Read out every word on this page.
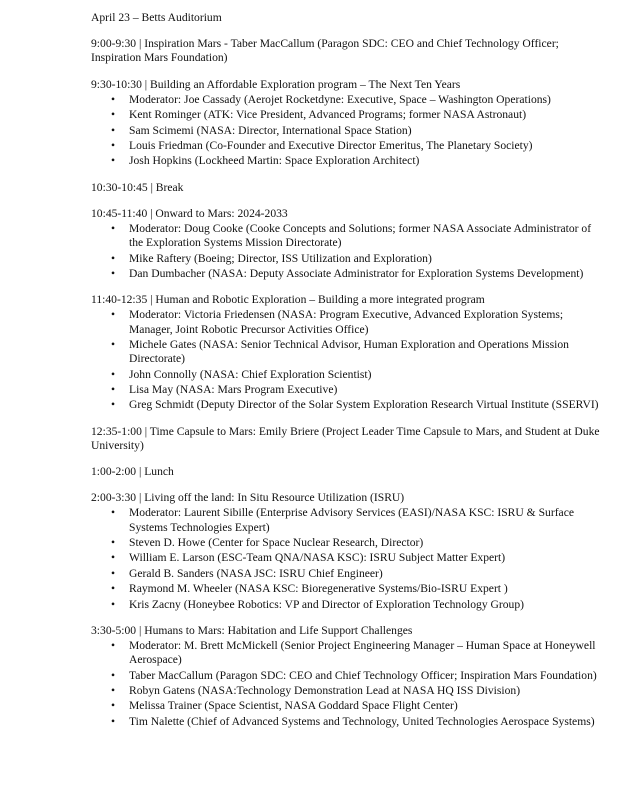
April 23 – Betts Auditorium

9:00-9:30 | Inspiration Mars - Taber MacCallum (Paragon SDC: CEO and Chief Technology Officer; Inspiration Mars Foundation)

9:30-10:30 | Building an Affordable Exploration program – The Next Ten Years

• Moderator: Joe Cassady (Aerojet Rocketdyne: Executive, Space – Washington Operations)
• Kent Rominger (ATK: Vice President, Advanced Programs; former NASA Astronaut)
• Sam Scimemi (NASA: Director, International Space Station)
• Louis Friedman (Co-Founder and Executive Director Emeritus, The Planetary Society)
• Josh Hopkins (Lockheed Martin: Space Exploration Architect)

10:30-10:45 | Break

10:45-11:40 | Onward to Mars: 2024-2033

• Moderator: Doug Cooke (Cooke Concepts and Solutions; former NASA Associate Administrator of the Exploration Systems Mission Directorate)
• Mike Raftery (Boeing; Director, ISS Utilization and Exploration)
• Dan Dumbacher (NASA: Deputy Associate Administrator for Exploration Systems Development)

11:40-12:35 | Human and Robotic Exploration – Building a more integrated program

• Moderator: Victoria Friedensen (NASA: Program Executive, Advanced Exploration Systems; Manager, Joint Robotic Precursor Activities Office)
• Michele Gates (NASA: Senior Technical Advisor, Human Exploration and Operations Mission Directorate)
• John Connolly (NASA: Chief Exploration Scientist)
• Lisa May (NASA: Mars Program Executive)
• Greg Schmidt (Deputy Director of the Solar System Exploration Research Virtual Institute (SSERVI)

12:35-1:00 | Time Capsule to Mars: Emily Briere (Project Leader Time Capsule to Mars, and Student at Duke University)

1:00-2:00 | Lunch

2:00-3:30 | Living off the land: In Situ Resource Utilization (ISRU)

• Moderator: Laurent Sibille (Enterprise Advisory Services (EASI)/NASA KSC: ISRU & Surface Systems Technologies Expert)
• Steven D. Howe (Center for Space Nuclear Research, Director)
• William E. Larson (ESC-Team QNA/NASA KSC): ISRU Subject Matter Expert)
• Gerald B. Sanders (NASA JSC: ISRU Chief Engineer)
• Raymond M. Wheeler (NASA KSC: Bioregenerative Systems/Bio-ISRU Expert )
• Kris Zacny (Honeybee Robotics: VP and Director of Exploration Technology Group)

3:30-5:00 | Humans to Mars: Habitation and Life Support Challenges

• Moderator: M. Brett McMickell (Senior Project Engineering Manager – Human Space at Honeywell Aerospace)
• Taber MacCallum (Paragon SDC: CEO and Chief Technology Officer; Inspiration Mars Foundation)
• Robyn Gatens (NASA:Technology Demonstration Lead at NASA HQ ISS Division)
• Melissa Trainer (Space Scientist, NASA Goddard Space Flight Center)
• Tim Nalette (Chief of Advanced Systems and Technology, United Technologies Aerospace Systems)
